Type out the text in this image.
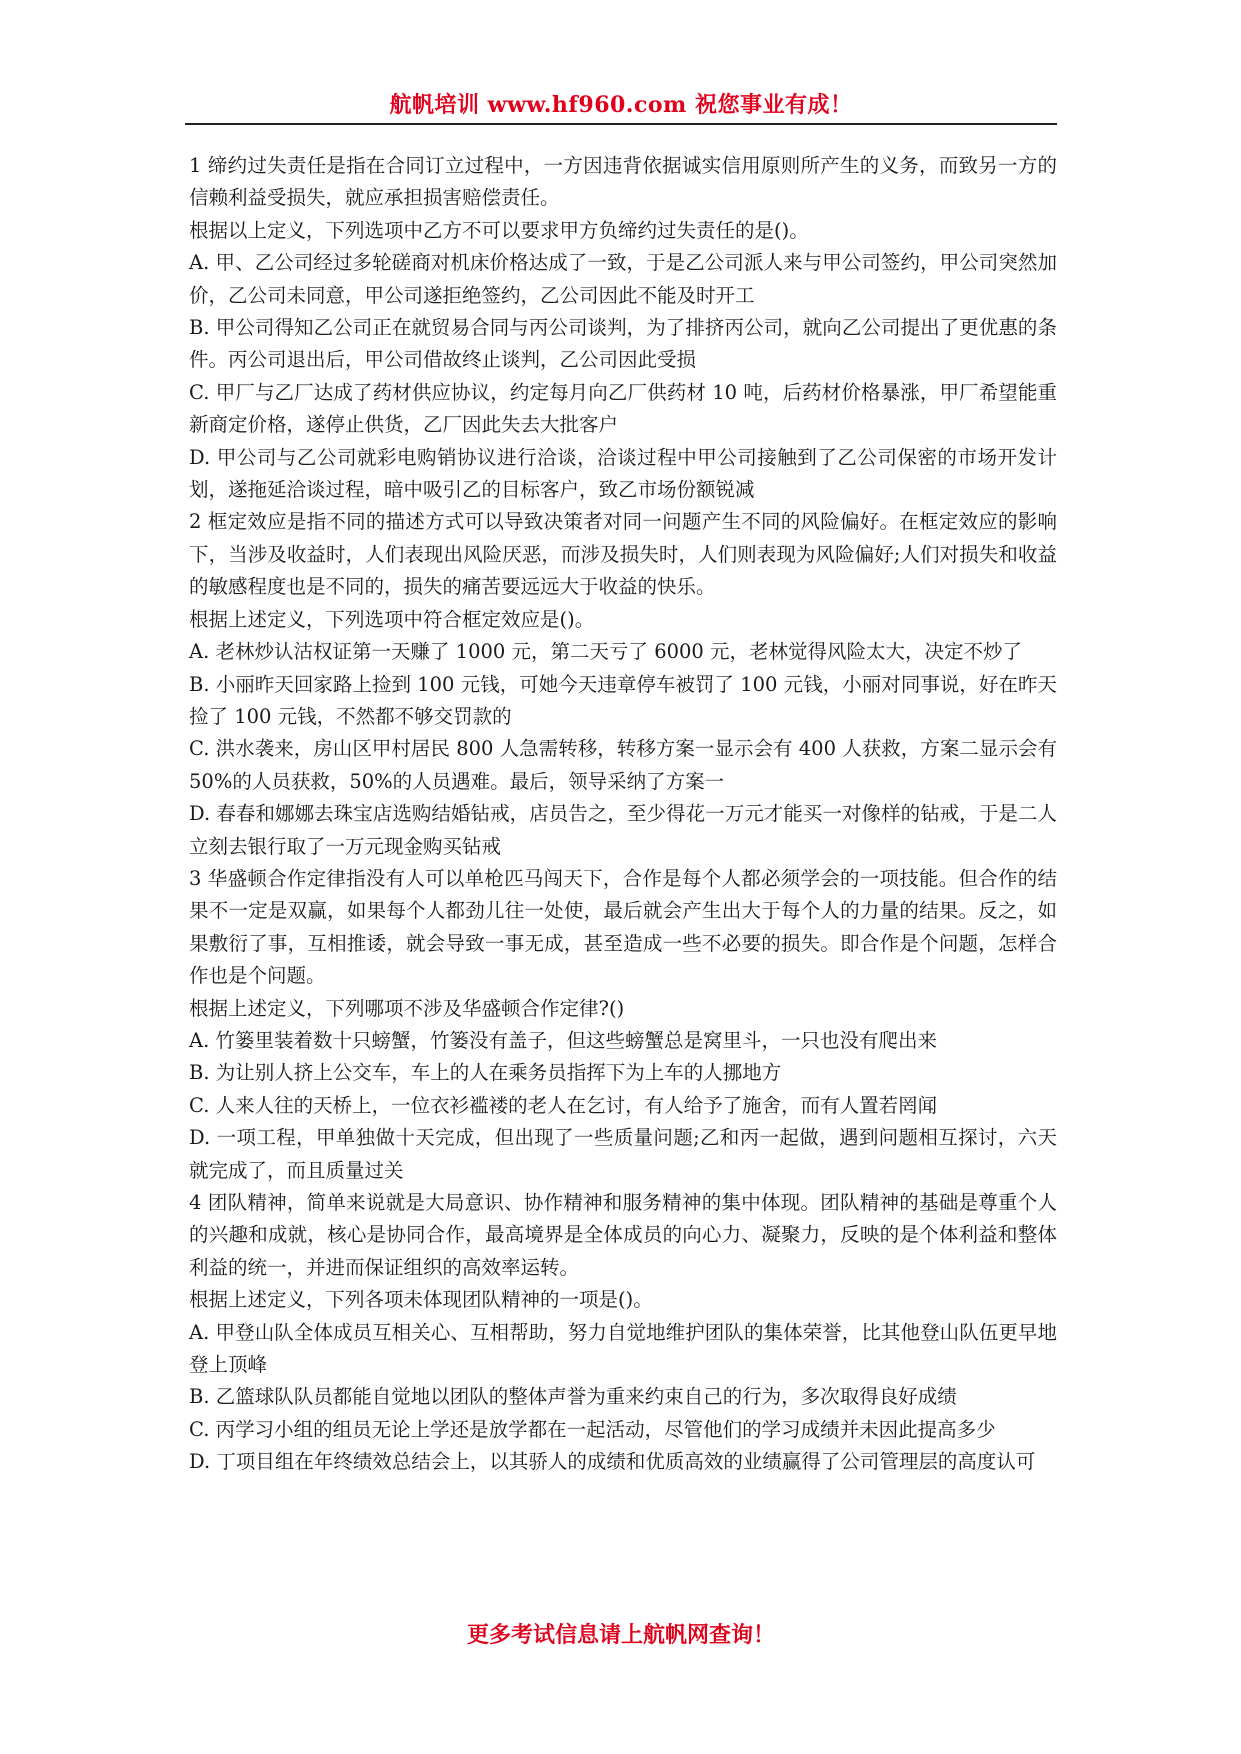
航帆培训 www.hf960.com 祝您事业有成！

1 缔约过失责任是指在合同订立过程中，一方因违背依据诚实信用原则所产生的义务，而致另一方的信赖利益受损失，就应承担损害赔偿责任。

根据以上定义，下列选项中乙方不可以要求甲方负缔约过失责任的是()。

A. 甲、乙公司经过多轮磋商对机床价格达成了一致，于是乙公司派人来与甲公司签约，甲公司突然加价，乙公司未同意，甲公司遂拒绝签约，乙公司因此不能及时开工

B. 甲公司得知乙公司正在就贸易合同与丙公司谈判，为了排挤丙公司，就向乙公司提出了更优惠的条件。丙公司退出后，甲公司借故终止谈判，乙公司因此受损

C. 甲厂与乙厂达成了药材供应协议，约定每月向乙厂供药材 10 吨，后药材价格暴涨，甲厂希望能重新商定价格，遂停止供货，乙厂因此失去大批客户

D. 甲公司与乙公司就彩电购销协议进行洽谈，洽谈过程中甲公司接触到了乙公司保密的市场开发计划，遂拖延洽谈过程，暗中吸引乙的目标客户，致乙市场份额锐减

2 框定效应是指不同的描述方式可以导致决策者对同一问题产生不同的风险偏好。在框定效应的影响下，当涉及收益时，人们表现出风险厌恶，而涉及损失时，人们则表现为风险偏好;人们对损失和收益的敏感程度也是不同的，损失的痛苦要远远大于收益的快乐。

根据上述定义，下列选项中符合框定效应是()。

A. 老林炒认沽权证第一天赚了 1000 元，第二天亏了 6000 元，老林觉得风险太大，决定不炒了

B. 小丽昨天回家路上捡到 100 元钱，可她今天违章停车被罚了 100 元钱，小丽对同事说，好在昨天捡了 100 元钱，不然都不够交罚款的

C. 洪水袭来，房山区甲村居民 800 人急需转移，转移方案一显示会有 400 人获救，方案二显示会有 50%的人员获救，50%的人员遇难。最后，领导采纳了方案一

D. 春春和娜娜去珠宝店选购结婚钻戒，店员告之，至少得花一万元才能买一对像样的钻戒，于是二人立刻去银行取了一万元现金购买钻戒

3 华盛顿合作定律指没有人可以单枪匹马闯天下，合作是每个人都必须学会的一项技能。但合作的结果不一定是双赢，如果每个人都劲儿往一处使，最后就会产生出大于每个人的力量的结果。反之，如果敷衍了事，互相推诿，就会导致一事无成，甚至造成一些不必要的损失。即合作是个问题，怎样合作也是个问题。

根据上述定义，下列哪项不涉及华盛顿合作定律?()

A. 竹篓里装着数十只螃蟹，竹篓没有盖子，但这些螃蟹总是窝里斗，一只也没有爬出来

B. 为让别人挤上公交车，车上的人在乘务员指挥下为上车的人挪地方

C. 人来人往的天桥上，一位衣衫褴褛的老人在乞讨，有人给予了施舍，而有人置若罔闻

D. 一项工程，甲单独做十天完成，但出现了一些质量问题;乙和丙一起做，遇到问题相互探讨，六天就完成了，而且质量过关

4 团队精神，简单来说就是大局意识、协作精神和服务精神的集中体现。团队精神的基础是尊重个人的兴趣和成就，核心是协同合作，最高境界是全体成员的向心力、凝聚力，反映的是个体利益和整体利益的统一，并进而保证组织的高效率运转。

根据上述定义，下列各项未体现团队精神的一项是()。

A. 甲登山队全体成员互相关心、互相帮助，努力自觉地维护团队的集体荣誉，比其他登山队伍更早地登上顶峰

B. 乙篮球队队员都能自觉地以团队的整体声誉为重来约束自己的行为，多次取得良好成绩

C. 丙学习小组的组员无论上学还是放学都在一起活动，尽管他们的学习成绩并未因此提高多少

D. 丁项目组在年终绩效总结会上，以其骄人的成绩和优质高效的业绩赢得了公司管理层的高度认可

更多考试信息请上航帆网查询！
